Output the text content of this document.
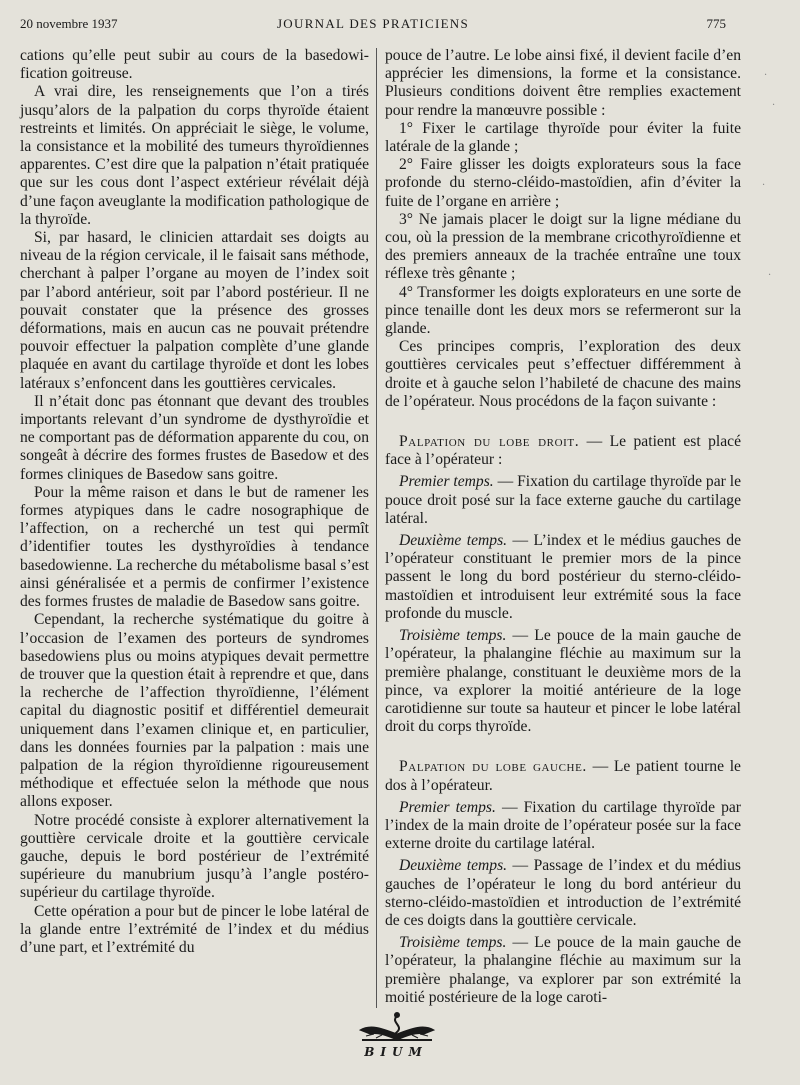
20 novembre 1937	JOURNAL DES PRATICIENS	775

cations qu’elle peut subir au cours de la basedowi-fication goitreuse.

A vrai dire, les renseignements que l’on a tirés jusqu’alors de la palpation du corps thyroïde étaient restreints et limités. On appréciait le siège, le volume, la consistance et la mobilité des tumeurs thyroïdiennes apparentes. C’est dire que la palpation n’était pratiquée que sur les cous dont l’aspect extérieur révélait déjà d’une façon aveuglante la modification pathologique de la thyroïde.

Si, par hasard, le clinicien attardait ses doigts au niveau de la région cervicale, il le faisait sans méthode, cherchant à palper l’organe au moyen de l’index soit par l’abord antérieur, soit par l’abord postérieur. Il ne pouvait constater que la présence des grosses déformations, mais en aucun cas ne pouvait prétendre pouvoir effectuer la palpation complète d’une glande plaquée en avant du cartilage thyroïde et dont les lobes latéraux s’enfoncent dans les gouttières cervicales.

Il n’était donc pas étonnant que devant des troubles importants relevant d’un syndrome de dysthyroïdie et ne comportant pas de déformation apparente du cou, on songeât à décrire des formes frustes de Basedow et des formes cliniques de Basedow sans goitre.

Pour la même raison et dans le but de ramener les formes atypiques dans le cadre nosographique de l’affection, on a recherché un test qui permît d’identifier toutes les dysthyroïdies à tendance basedowienne. La recherche du métabolisme basal s’est ainsi généralisée et a permis de confirmer l’existence des formes frustes de maladie de Basedow sans goitre.

Cependant, la recherche systématique du goitre à l’occasion de l’examen des porteurs de syndromes basedowiens plus ou moins atypiques devait permettre de trouver que la question était à reprendre et que, dans la recherche de l’affection thyroïdienne, l’élément capital du diagnostic positif et différentiel demeurait uniquement dans l’examen clinique et, en particulier, dans les données fournies par la palpation : mais une palpation de la région thyroïdienne rigoureusement méthodique et effectuée selon la méthode que nous allons exposer.

Notre procédé consiste à explorer alternativement la gouttière cervicale droite et la gouttière cervicale gauche, depuis le bord postérieur de l’extrémité supérieure du manubrium jusqu’à l’angle postéro-supérieur du cartilage thyroïde.

Cette opération a pour but de pincer le lobe latéral de la glande entre l’extrémité de l’index et du médius d’une part, et l’extrémité du

pouce de l’autre. Le lobe ainsi fixé, il devient facile d’en apprécier les dimensions, la forme et la consistance. Plusieurs conditions doivent être remplies exactement pour rendre la manœuvre possible :

1° Fixer le cartilage thyroïde pour éviter la fuite latérale de la glande ;

2° Faire glisser les doigts explorateurs sous la face profonde du sterno-cléido-mastoïdien, afin d’éviter la fuite de l’organe en arrière ;

3° Ne jamais placer le doigt sur la ligne médiane du cou, où la pression de la membrane cricothyroïdienne et des premiers anneaux de la trachée entraîne une toux réflexe très gênante ;

4° Transformer les doigts explorateurs en une sorte de pince tenaille dont les deux mors se refermeront sur la glande.

Ces principes compris, l’exploration des deux gouttières cervicales peut s’effectuer différemment à droite et à gauche selon l’habileté de chacune des mains de l’opérateur. Nous procédons de la façon suivante :

Palpation du lobe droit. — Le patient est placé face à l’opérateur :

Premier temps. — Fixation du cartilage thyroïde par le pouce droit posé sur la face externe gauche du cartilage latéral.

Deuxième temps. — L’index et le médius gauches de l’opérateur constituant le premier mors de la pince passent le long du bord postérieur du sterno-cléido-mastoïdien et introduisent leur extrémité sous la face profonde du muscle.

Troisième temps. — Le pouce de la main gauche de l’opérateur, la phalangine fléchie au maximum sur la première phalange, constituant le deuxième mors de la pince, va explorer la moitié antérieure de la loge carotidienne sur toute sa hauteur et pincer le lobe latéral droit du corps thyroïde.

Palpation du lobe gauche. — Le patient tourne le dos à l’opérateur.

Premier temps. — Fixation du cartilage thyroïde par l’index de la main droite de l’opérateur posée sur la face externe droite du cartilage latéral.

Deuxième temps. — Passage de l’index et du médius gauches de l’opérateur le long du bord antérieur du sterno-cléido-mastoïdien et introduction de l’extrémité de ces doigts dans la gouttière cervicale.

Troisième temps. — Le pouce de la main gauche de l’opérateur, la phalangine fléchie au maximum sur la première phalange, va explorer par son extrémité la moitié postérieure de la loge caroti-

·
·
·
·
BIUM
